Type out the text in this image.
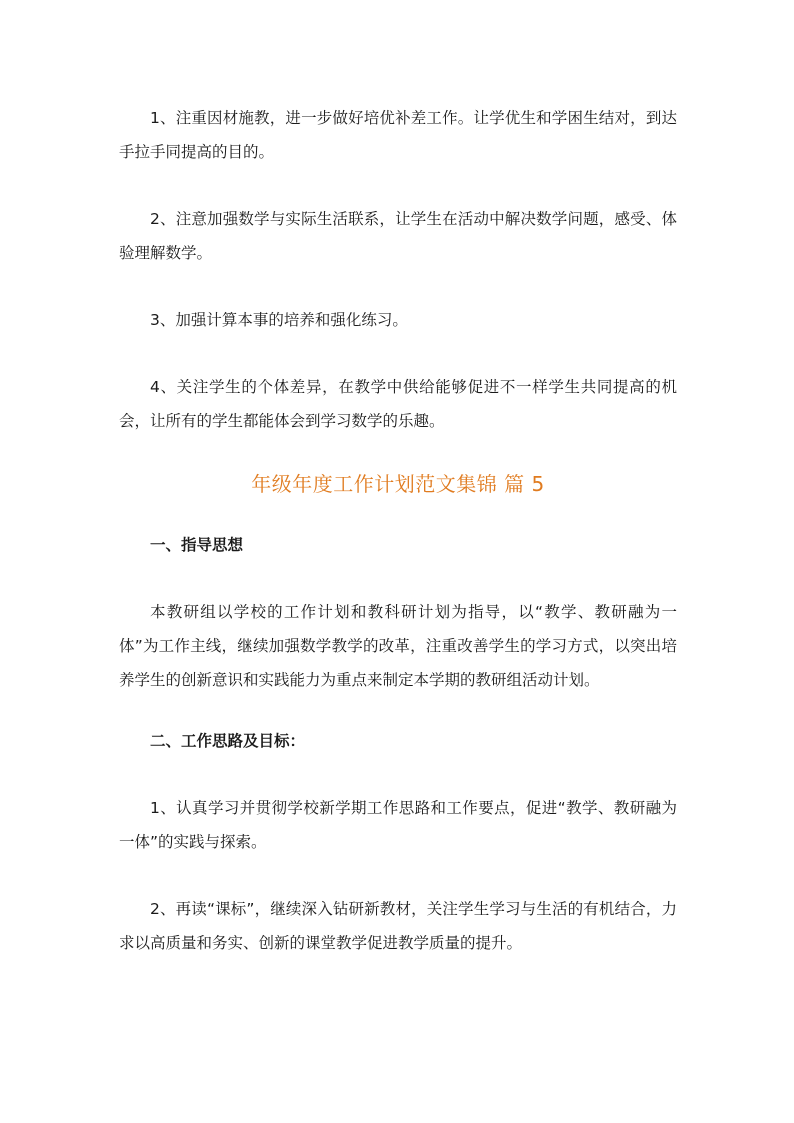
1、注重因材施教，进一步做好培优补差工作。让学优生和学困生结对，到达手拉手同提高的目的。

2、注意加强数学与实际生活联系，让学生在活动中解决数学问题，感受、体验理解数学。

3、加强计算本事的培养和强化练习。

4、关注学生的个体差异，在教学中供给能够促进不一样学生共同提高的机会，让所有的学生都能体会到学习数学的乐趣。

年级年度工作计划范文集锦 篇 5

一、指导思想

本教研组以学校的工作计划和教科研计划为指导，以“教学、教研融为一体”为工作主线，继续加强数学教学的改革，注重改善学生的学习方式，以突出培养学生的创新意识和实践能力为重点来制定本学期的教研组活动计划。

二、工作思路及目标：

1、认真学习并贯彻学校新学期工作思路和工作要点，促进“教学、教研融为一体”的实践与探索。

2、再读“课标”，继续深入钻研新教材，关注学生学习与生活的有机结合，力求以高质量和务实、创新的课堂教学促进教学质量的提升。
